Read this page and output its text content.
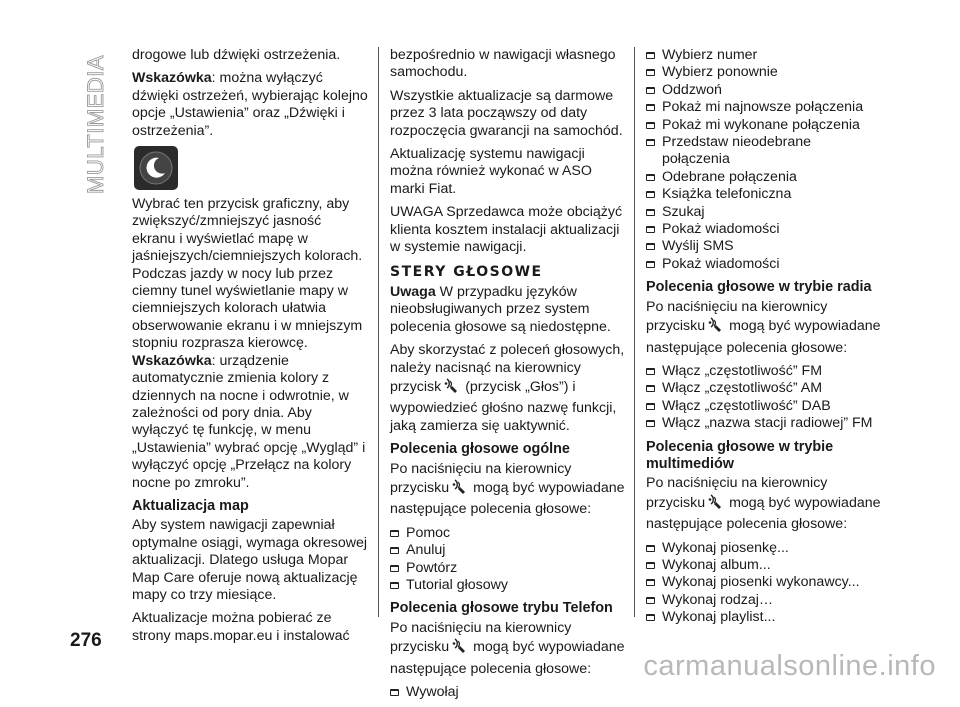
MULTIMEDIA drogowe lub dźwięki ostrzeżenia.

Wskazówka: można wyłączyć dźwięki ostrzeżeń, wybierając kolejno opcje „Ustawienia” oraz „Dźwięki i ostrzeżenia”.

Wybrać ten przycisk graficzny, aby zwiększyć/zmniejszyć jasność ekranu i wyświetlać mapę w jaśniejszych/ciemniejszych kolorach. Podczas jazdy w nocy lub przez ciemny tunel wyświetlanie mapy w ciemniejszych kolorach ułatwia obserwowanie ekranu i w mniejszym stopniu rozprasza kierowcę. Wskazówka: urządzenie automatycznie zmienia kolory z dziennych na nocne i odwrotnie, w zależności od pory dnia. Aby wyłączyć tę funkcję, w menu „Ustawienia” wybrać opcję „Wygląd” i wyłączyć opcję „Przełącz na kolory nocne po zmroku”.

Aktualizacja map

Aby system nawigacji zapewniał optymalne osiągi, wymaga okresowej aktualizacji. Dlatego usługa Mopar Map Care oferuje nową aktualizację mapy co trzy miesiące.

Aktualizacje można pobierać ze strony maps.mopar.eu i instalować

bezpośrednio w nawigacji własnego samochodu.

Wszystkie aktualizacje są darmowe przez 3 lata począwszy od daty rozpoczęcia gwarancji na samochód.

Aktualizację systemu nawigacji można również wykonać w ASO marki Fiat.

UWAGA Sprzedawca może obciążyć klienta kosztem instalacji aktualizacji w systemie nawigacji.

STERY GŁOSOWE

Uwaga W przypadku języków nieobsługiwanych przez system polecenia głosowe są niedostępne.

Aby skorzystać z poleceń głosowych, należy nacisnąć na kierownicy przycisk (przycisk „Głos”) i wypowiedzieć głośno nazwę funkcji, jaką zamierza się uaktywnić.

Polecenia głosowe ogólne

Po naciśnięciu na kierownicy przycisku mogą być wypowiadane następujące polecenia głosowe:

Pomoc
Anuluj
Powtórz
Tutorial głosowy
Polecenia głosowe trybu Telefon

Po naciśnięciu na kierownicy przycisku mogą być wypowiadane następujące polecenia głosowe:

Wywołaj
Wybierz numer
Wybierz ponownie
Oddzwoń
Pokaż mi najnowsze połączenia
Pokaż mi wykonane połączenia
Przedstaw nieodebrane połączenia
Odebrane połączenia
Książka telefoniczna
Szukaj
Pokaż wiadomości
Wyślij SMS
Pokaż wiadomości
Polecenia głosowe w trybie radia

Po naciśnięciu na kierownicy przycisku mogą być wypowiadane następujące polecenia głosowe:

Włącz „częstotliwość” FM
Włącz „częstotliwość” AM
Włącz „częstotliwość” DAB
Włącz „nazwa stacji radiowej” FM
Polecenia głosowe w trybie multimediów

Po naciśnięciu na kierownicy przycisku mogą być wypowiadane następujące polecenia głosowe:

Wykonaj piosenkę...
Wykonaj album...
Wykonaj piosenki wykonawcy...
Wykonaj rodzaj…
Wykonaj playlist...
276
carmanualsonline.info
